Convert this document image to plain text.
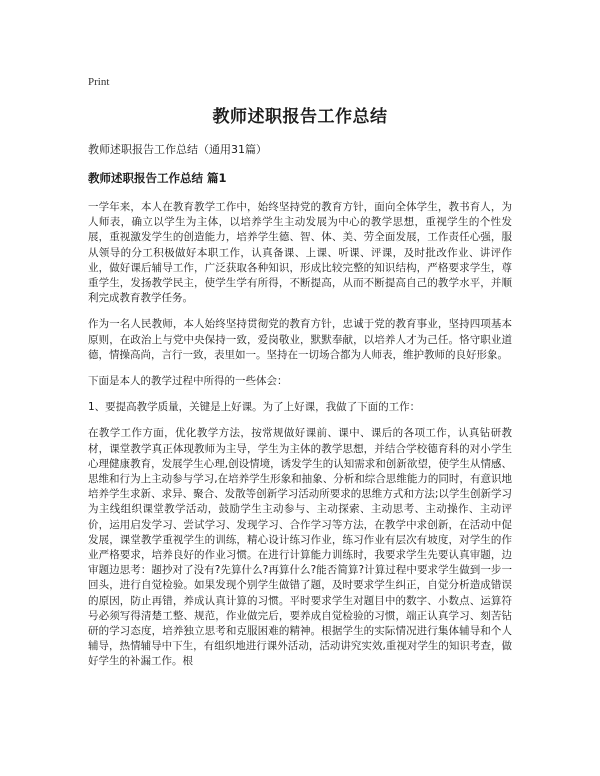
Print
教师述职报告工作总结

教师述职报告工作总结（通用31篇）

教师述职报告工作总结 篇1

一学年来，本人在教育教学工作中，始终坚持党的教育方针，面向全体学生，教书育人，为人师表，确立以学生为主体，以培养学生主动发展为中心的教学思想，重视学生的个性发展，重视激发学生的创造能力，培养学生德、智、体、美、劳全面发展，工作责任心强，服从领导的分工积极做好本职工作，认真备课、上课、听课、评课，及时批改作业、讲评作业，做好课后辅导工作，广泛获取各种知识，形成比较完整的知识结构，严格要求学生，尊重学生，发扬教学民主，使学生学有所得，不断提高，从而不断提高自己的教学水平，并顺利完成教育教学任务。

作为一名人民教师，本人始终坚持贯彻党的教育方针，忠诚于党的教育事业，坚持四项基本原则，在政治上与党中央保持一致，爱岗敬业，默默奉献，以培养人才为己任。恪守职业道德，情操高尚，言行一致，表里如一。坚持在一切场合都为人师表，维护教师的良好形象。

下面是本人的教学过程中所得的一些体会：

1、要提高教学质量，关键是上好课。为了上好课，我做了下面的工作：

在教学工作方面，优化教学方法，按常规做好课前、课中、课后的各项工作，认真钻研教材，课堂教学真正体现教师为主导，学生为主体的教学思想，并结合学校德育科的对小学生心理健康教育，发展学生心理,创设情境，诱发学生的认知需求和创新欲望，使学生从情感、思维和行为上主动参与学习,在培养学生形象和抽象、分析和综合思维能力的同时，有意识地培养学生求新、求异、聚合、发散等创新学习活动所要求的思维方式和方法;以学生创新学习为主线组织课堂教学活动，鼓励学生主动参与、主动探索、主动思考、主动操作、主动评价，运用启发学习、尝试学习、发现学习、合作学习等方法，在教学中求创新，在活动中促发展，课堂教学重视学生的训练，精心设计练习作业，练习作业有层次有坡度，对学生的作业严格要求，培养良好的作业习惯。在进行计算能力训练时，我要求学生先要认真审题，边审题边思考：题抄对了没有?先算什么?再算什么?能否简算?计算过程中要求学生做到一步一回头，进行自觉检验。如果发现个别学生做错了题，及时要求学生纠正，自觉分析造成错误的原因，防止再错，养成认真计算的习惯。平时要求学生对题目中的数字、小数点、运算符号必须写得清楚工整、规范，作业做完后，要养成自觉检验的习惯，端正认真学习、刻苦钻研的学习态度，培养独立思考和克服困难的精神。根据学生的实际情况进行集体辅导和个人辅导，热情辅导中下生，有组织地进行课外活动，活动讲究实效,重视对学生的知识考查，做好学生的补漏工作。根
